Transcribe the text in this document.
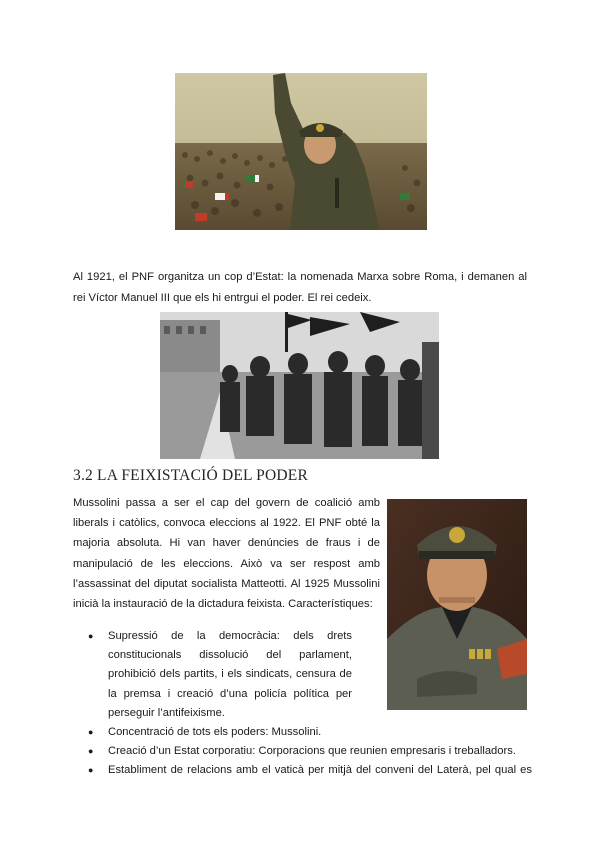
Al 1921, el PNF organitza un cop d’Estat: la nomenada Marxa sobre Roma, i demanen al rei Víctor Manuel III que els hi entrgui el poder. El rei cedeix.
3.2 LA FEIXISTACIÓ DEL PODER
Mussolini passa a ser el cap del govern de coalició amb liberals i catòlics, convoca eleccions al 1922. El PNF obté la majoria absoluta. Hi van haver denúncies de fraus i de manipulació de les eleccions. Això va ser respost amb l’assassinat del diputat socialista Matteotti. Al 1925 Mussolini inicià la instauració de la dictadura feixista. Característiques:
● Supressió de la democràcia: dels drets constitucionals dissolució del parlament, prohibició dels partits, i els sindicats, censura de la premsa i creació d’una policía política per perseguir l’antifeixisme.
● Concentració de tots els poders: Mussolini.
● Creació d’un Estat corporatiu: Corporacions que reunien empresaris i treballadors.
● Establiment de relacions amb el vaticà per mitjà del conveni del Laterà, pel qual es
